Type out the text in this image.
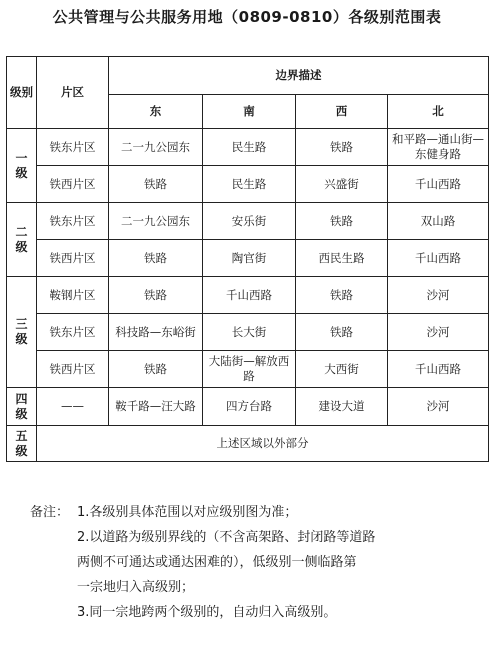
公共管理与公共服务用地（0809-0810）各级别范围表
级别	片区	边界描述			
		东	南	西	北
一级	铁东片区	二一九公园东	民生路	铁路	和平路—通山街—东健身路
	铁西片区	铁路	民生路	兴盛街	千山西路
二级	铁东片区	二一九公园东	安乐街	铁路	双山路
	铁西片区	铁路	陶官街	西民生路	千山西路
三级	鞍钢片区	铁路	千山西路	铁路	沙河
	铁东片区	科技路—东峪街	长大街	铁路	沙河
	铁西片区	铁路	大陆街—解放西路	大西街	千山西路
四级	——	鞍千路—汪大路	四方台路	建设大道	沙河
五级	上述区域以外部分				
备注： 1.各级别具体范围以对应级别图为准；
2.以道路为级别界线的（不含高架路、封闭路等道路
两侧不可通达或通达困难的），低级别一侧临路第
一宗地归入高级别；
3.同一宗地跨两个级别的，自动归入高级别。
